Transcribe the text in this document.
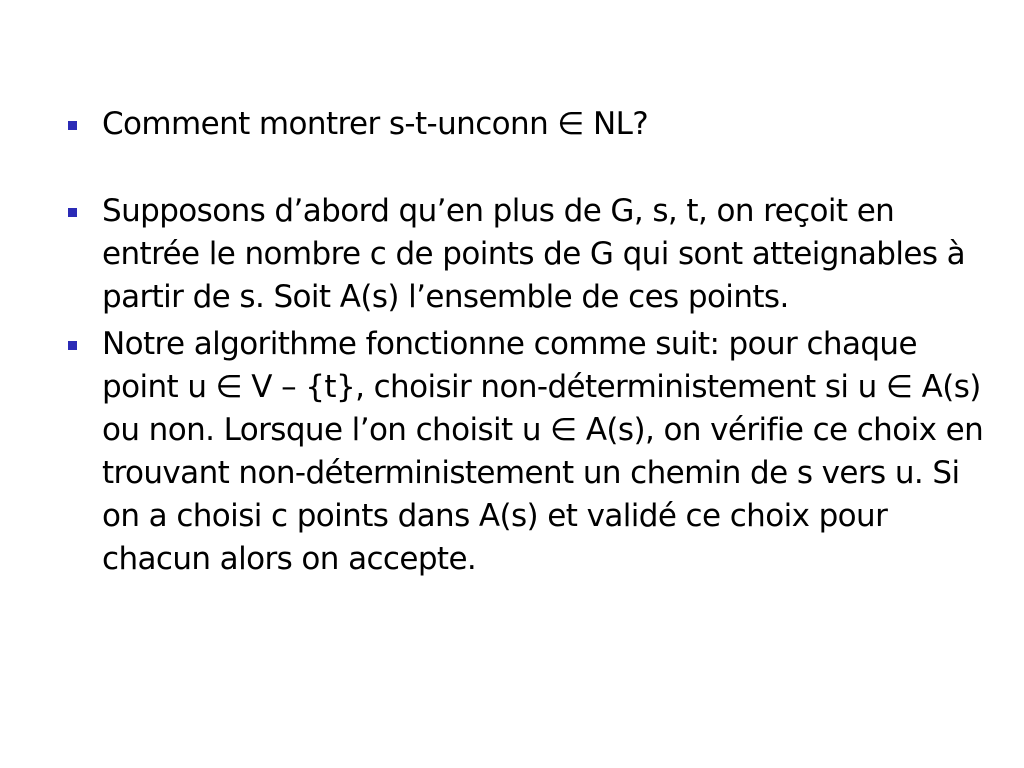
Comment montrer s-t-unconn ∈ NL?
Supposons d’abord qu’en plus de G, s, t, on reçoit en entrée le nombre c de points de G qui sont atteignables à partir de s. Soit A(s) l’ensemble de ces points.
Notre algorithme fonctionne comme suit: pour chaque point u ∈ V – {t}, choisir non-déterministement si u ∈ A(s) ou non. Lorsque l’on choisit u ∈ A(s), on vérifie ce choix en trouvant non-déterministement un chemin de s vers u. Si on a choisi c points dans A(s) et validé ce choix pour chacun alors on accepte.
